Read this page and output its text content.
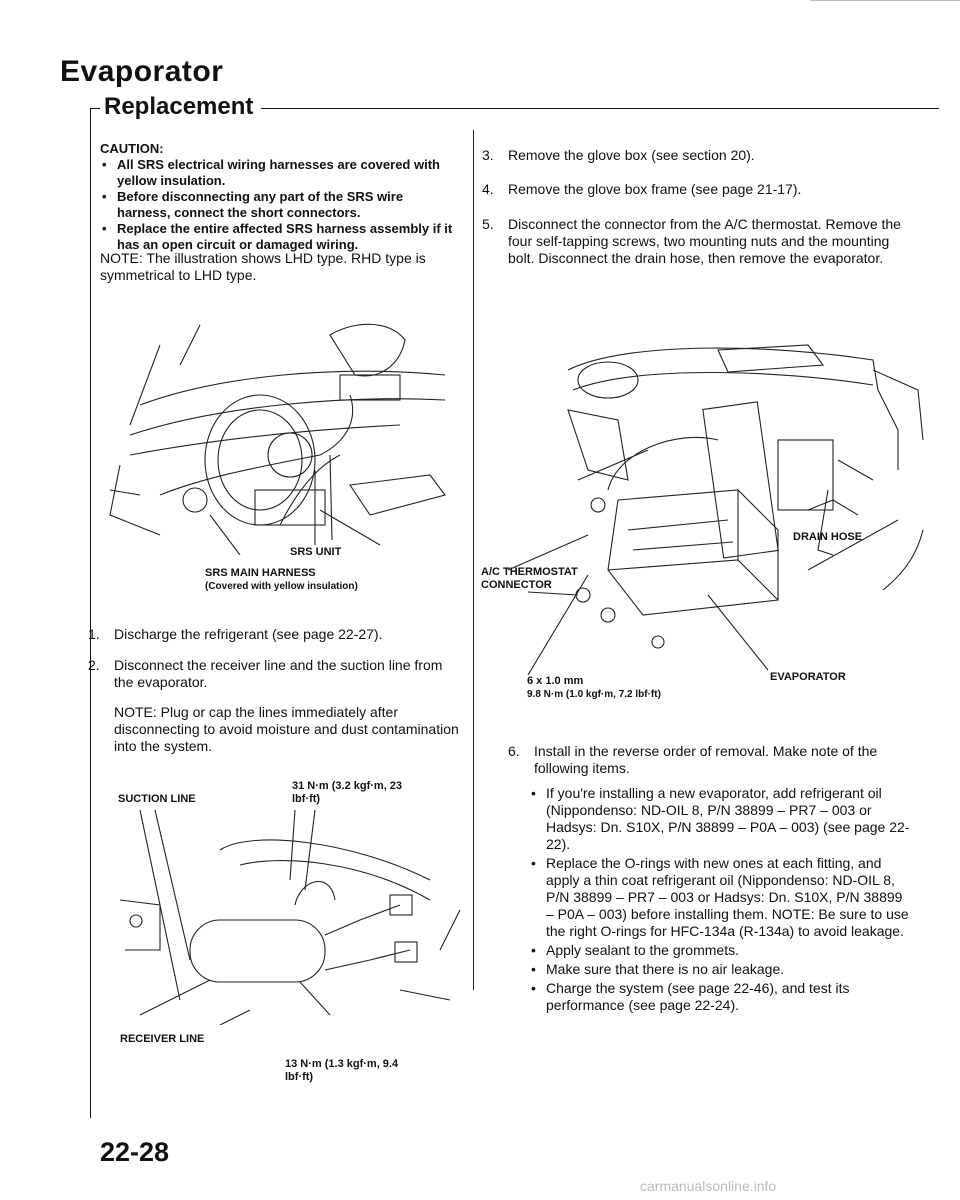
Evaporator
Replacement
CAUTION:
• All SRS electrical wiring harnesses are covered with yellow insulation.
• Before disconnecting any part of the SRS wire harness, connect the short connectors.
• Replace the entire affected SRS harness assembly if it has an open circuit or damaged wiring.
NOTE: The illustration shows LHD type. RHD type is symmetrical to LHD type.
SRS UNIT
SRS MAIN HARNESS
(Covered with yellow insulation)
1.	Discharge the refrigerant (see page 22-27).
2.	Disconnect the receiver line and the suction line from the evaporator.
NOTE: Plug or cap the lines immediately after disconnecting to avoid moisture and dust contamination into the system.
SUCTION LINE
31 N·m (3.2 kgf·m, 23 lbf·ft)
RECEIVER LINE
13 N·m (1.3 kgf·m, 9.4 lbf·ft)
3.	Remove the glove box (see section 20).
4.	Remove the glove box frame (see page 21-17).
5.	Disconnect the connector from the A/C thermostat. Remove the four self-tapping screws, two mounting nuts and the mounting bolt. Disconnect the drain hose, then remove the evaporator.
DRAIN HOSE
A/C THERMOSTAT CONNECTOR
6 x 1.0 mm
9.8 N·m (1.0 kgf·m, 7.2 lbf·ft)
EVAPORATOR
6.	Install in the reverse order of removal. Make note of the following items.
• If you're installing a new evaporator, add refrigerant oil (Nippondenso: ND-OIL 8, P/N 38899 – PR7 – 003 or Hadsys: Dn. S10X, P/N 38899 – P0A – 003) (see page 22-22).
• Replace the O-rings with new ones at each fitting, and apply a thin coat refrigerant oil (Nippondenso: ND-OIL 8, P/N 38899 – PR7 – 003 or Hadsys: Dn. S10X, P/N 38899 – P0A – 003) before installing them. NOTE: Be sure to use the right O-rings for HFC-134a (R-134a) to avoid leakage.
• Apply sealant to the grommets.
• Make sure that there is no air leakage.
• Charge the system (see page 22-46), and test its performance (see page 22-24).
22-28
carmanualsonline.info
